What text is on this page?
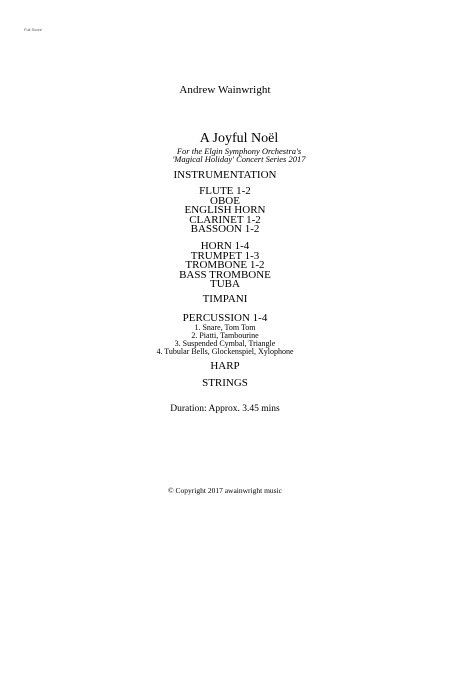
Full Score
Andrew Wainwright
A Joyful Noël
For the Elgin Symphony Orchestra's
'Magical Holiday' Concert Series 2017
INSTRUMENTATION
FLUTE 1-2
OBOE
ENGLISH HORN
CLARINET 1-2
BASSOON 1-2
HORN 1-4
TRUMPET 1-3
TROMBONE 1-2
BASS TROMBONE
TUBA
TIMPANI
PERCUSSION 1-4
1. Snare, Tom Tom
2. Piatti, Tambourine
3. Suspended Cymbal, Triangle
4. Tubular Bells, Glockenspiel, Xylophone
HARP
STRINGS
Duration: Approx. 3.45 mins
© Copyright 2017 awainwright music
